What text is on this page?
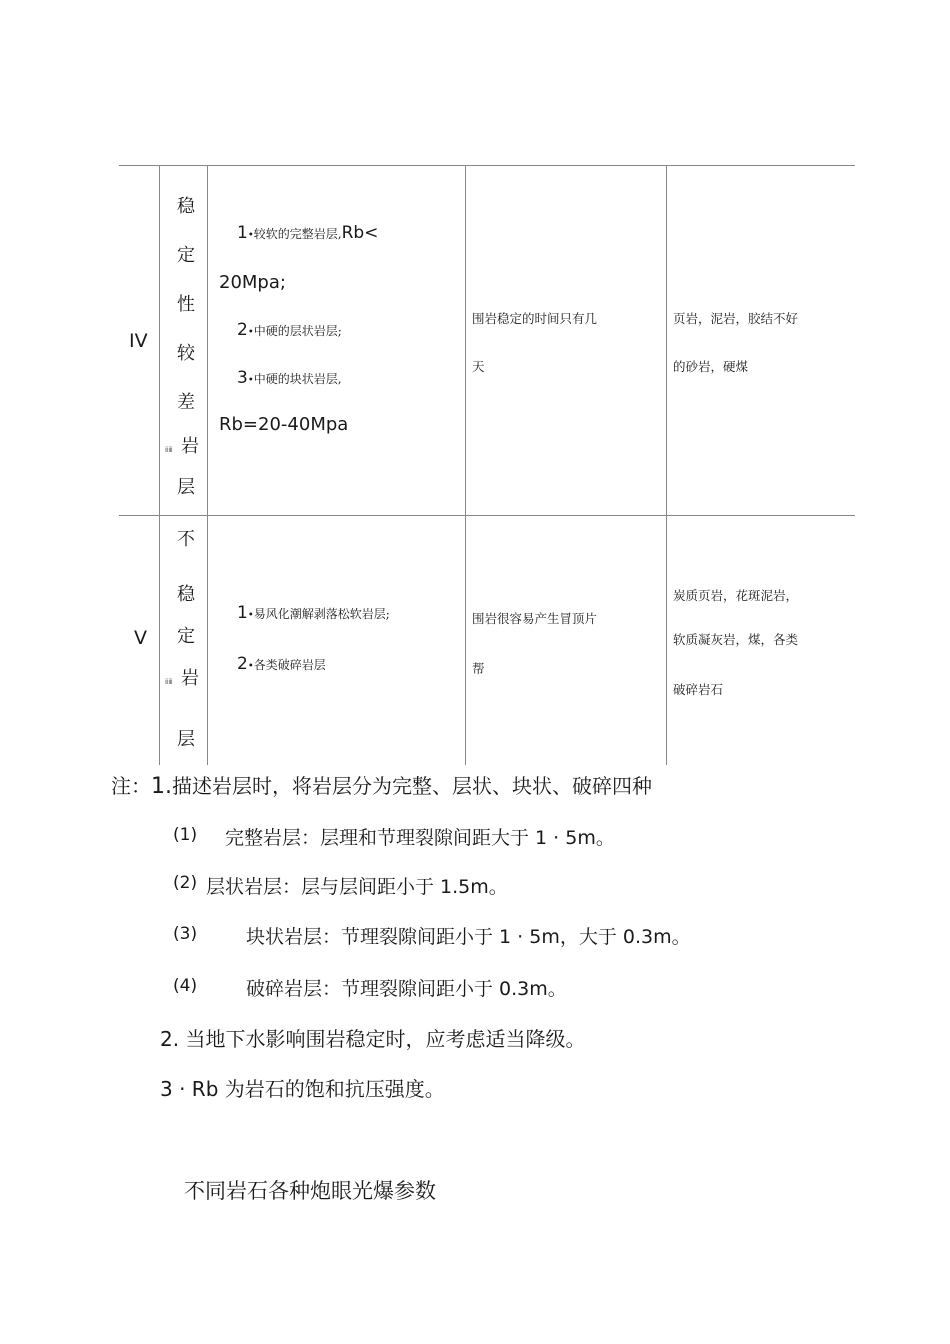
IV
稳
定
性
较
差
ⅱⅲ 岩
层
1•较软的完整岩层,Rb<
20Mpa;
2•中硬的层状岩层;
3•中硬的块状岩层,
Rb=20-40Mpa
围岩稳定的时间只有几
天
页岩，泥岩，胶结不好
的砂岩，硬煤
V
不
稳
定
ⅱⅲ 岩
层
1•易风化潮解剥落松软岩层;
2•各类破碎岩层
围岩很容易产生冒顶片
帮
炭质页岩，花斑泥岩，
软质凝灰岩，煤，各类
破碎岩石
注：1.描述岩层时，将岩层分为完整、层状、块状、破碎四种
(1) 完整岩层：层理和节理裂隙间距大于 1 · 5m。
(2) 层状岩层：层与层间距小于 1.5m。
(3)	块状岩层：节理裂隙间距小于 1 · 5m，大于 0.3m。
(4)	破碎岩层：节理裂隙间距小于 0.3m。
2. 当地下水影响围岩稳定时，应考虑适当降级。
3 · Rb 为岩石的饱和抗压强度。
不同岩石各种炮眼光爆参数
